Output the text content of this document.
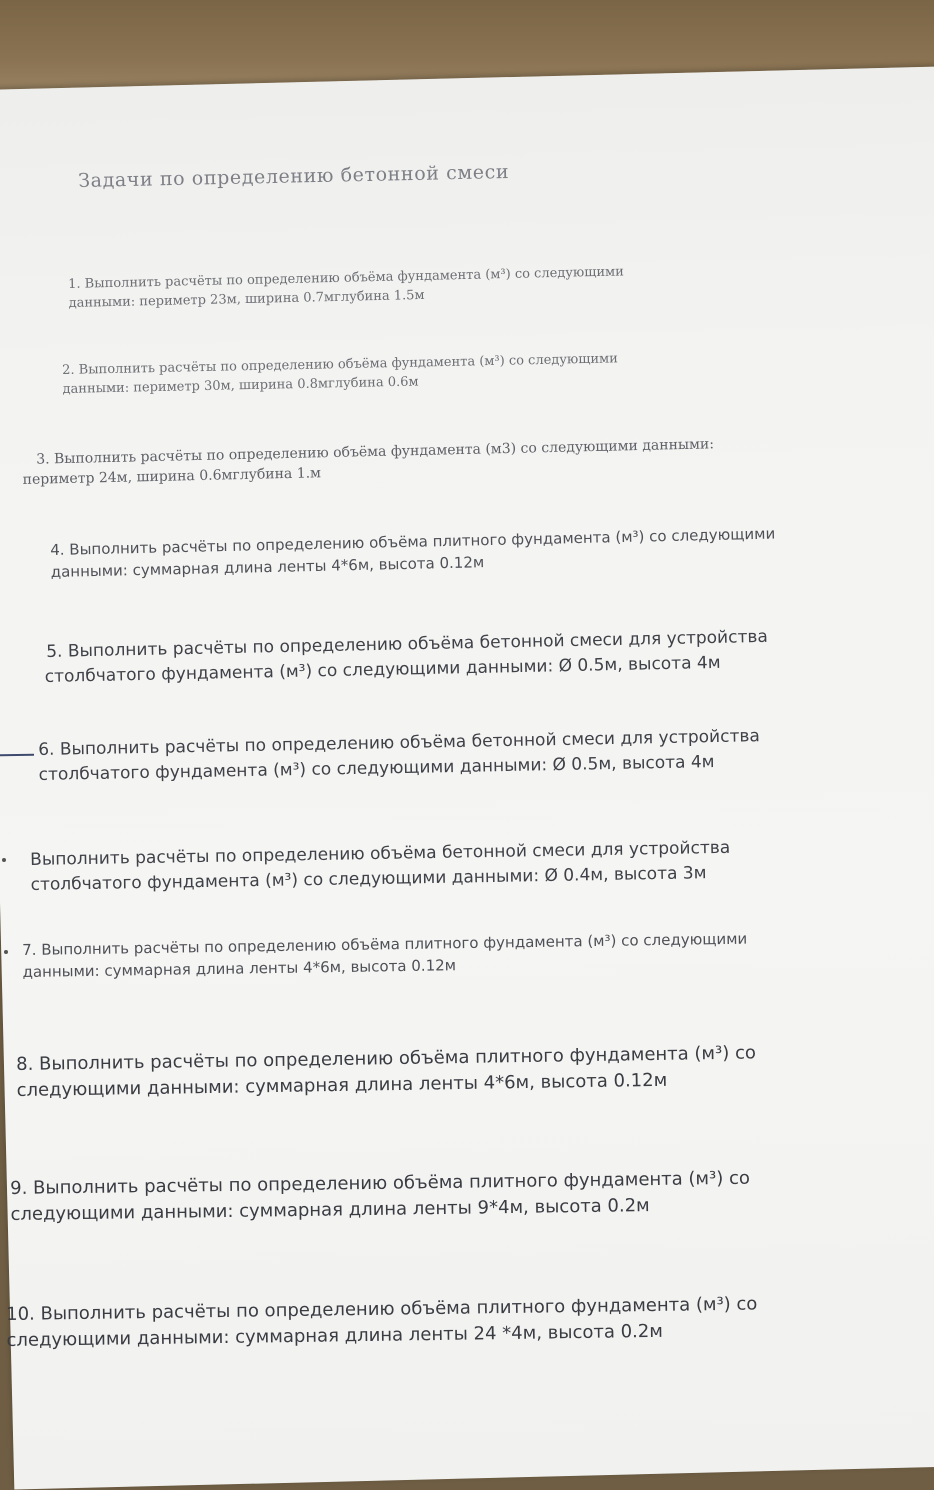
Задачи по определению бетонной смеси
1. Выполнить расчёты по определению объёма фундамента (м³) со следующими
данными: периметр 23м, ширина 0.7мглубина 1.5м
2. Выполнить расчёты по определению объёма фундамента (м³) со следующими
данными: периметр 30м, ширина 0.8мглубина 0.6м
3. Выполнить расчёты по определению объёма фундамента (м3) со следующими данными:
периметр 24м, ширина 0.6мглубина 1.м
4. Выполнить расчёты по определению объёма плитного фундамента (м³) со следующими
данными: суммарная длина ленты 4*6м, высота 0.12м
5. Выполнить расчёты по определению объёма бетонной смеси для устройства
столбчатого фундамента (м³) со следующими данными: Ø 0.5м, высота 4м
6. Выполнить расчёты по определению объёма бетонной смеси для устройства
столбчатого фундамента (м³) со следующими данными: Ø 0.5м, высота 4м
Выполнить расчёты по определению объёма бетонной смеси для устройства
столбчатого фундамента (м³) со следующими данными: Ø 0.4м, высота 3м
7. Выполнить расчёты по определению объёма плитного фундамента (м³) со следующими
данными: суммарная длина ленты 4*6м, высота 0.12м
8. Выполнить расчёты по определению объёма плитного фундамента (м³) со
следующими данными: суммарная длина ленты 4*6м, высота 0.12м
9. Выполнить расчёты по определению объёма плитного фундамента (м³) со
следующими данными: суммарная длина ленты 9*4м, высота 0.2м
10. Выполнить расчёты по определению объёма плитного фундамента (м³) со
следующими данными: суммарная длина ленты 24 *4м, высота 0.2м
